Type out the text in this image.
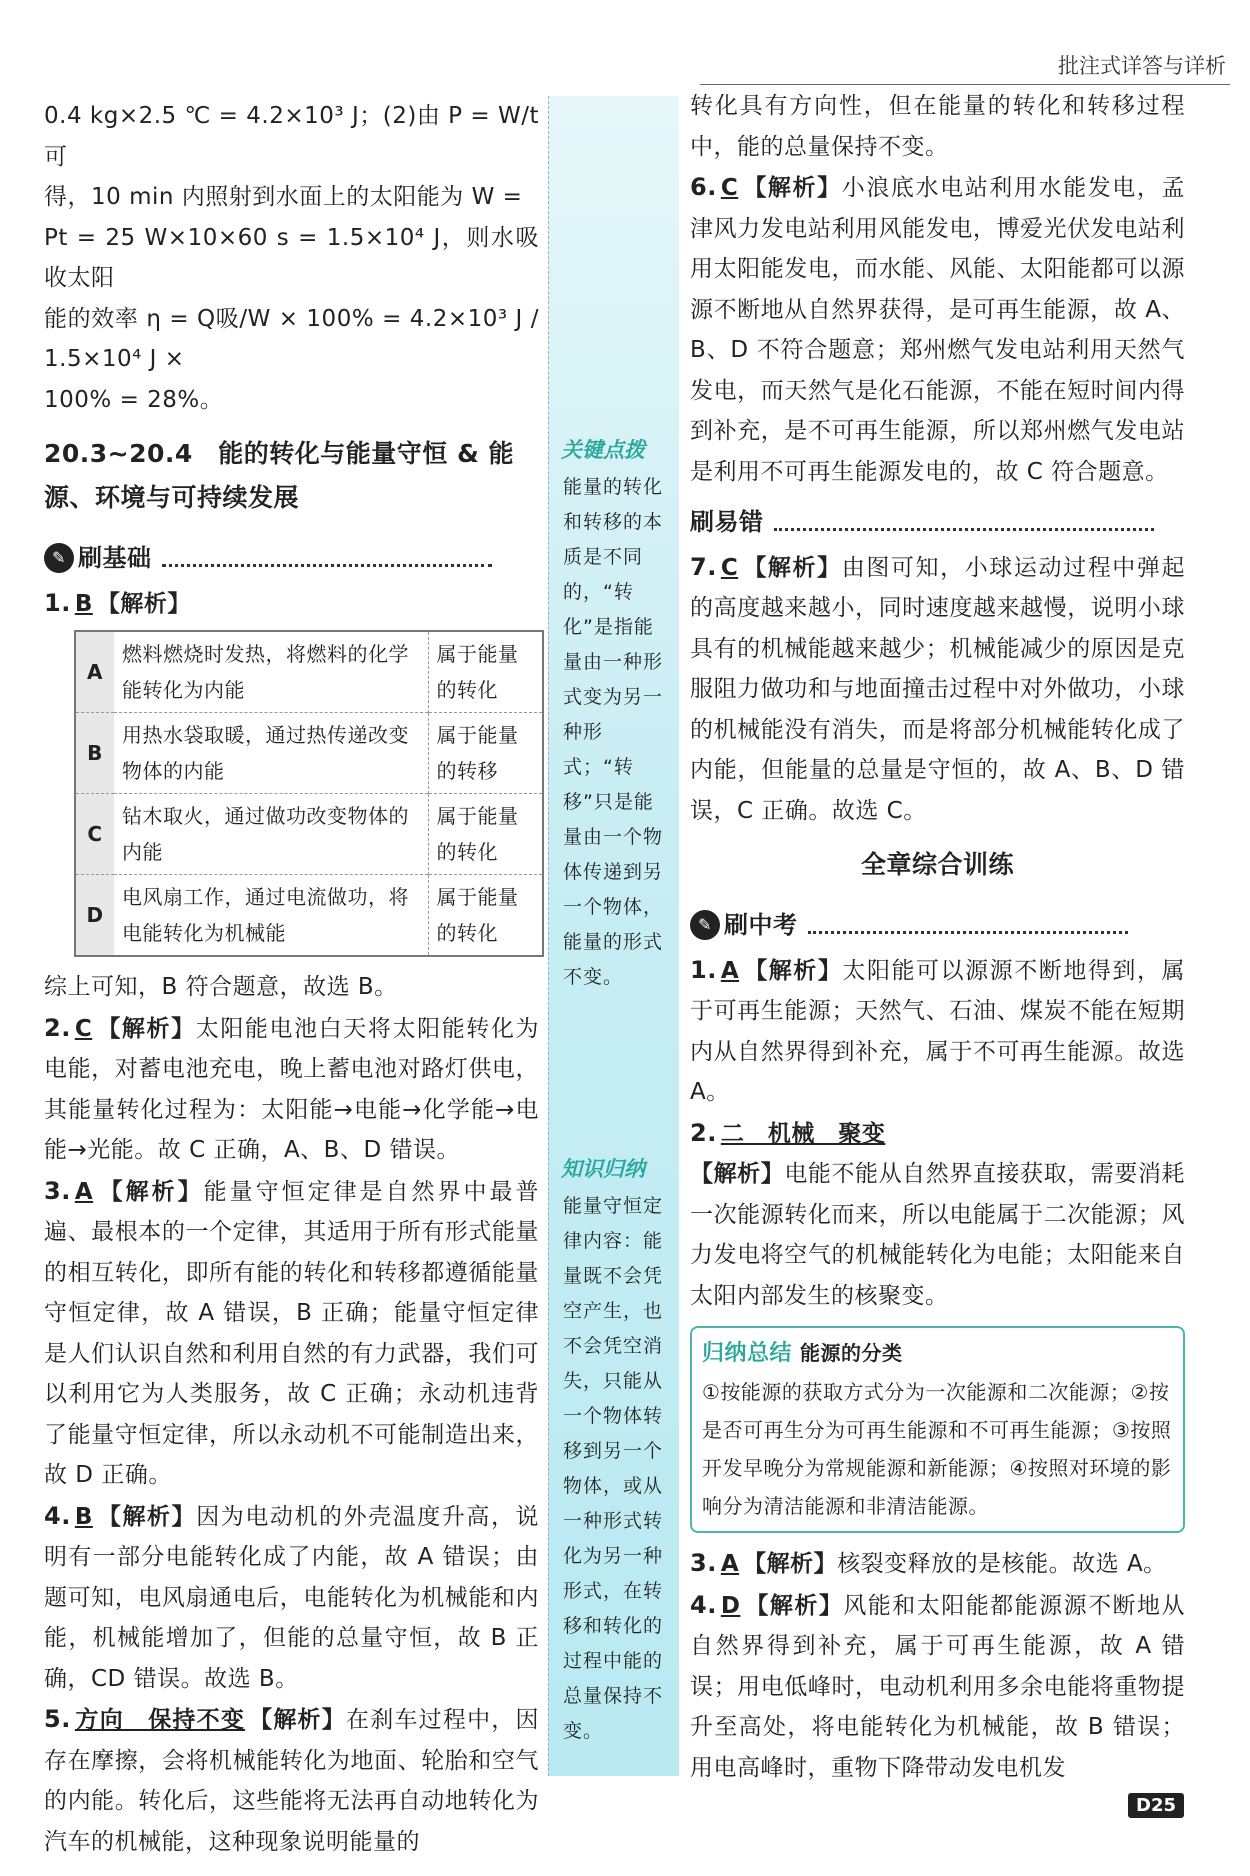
批注式详答与详析

0.4 kg×2.5 ℃ = 4.2×10³ J；(2)由 P = W/t 可

得，10 min 内照射到水面上的太阳能为 W =

Pt = 25 W×10×60 s = 1.5×10⁴ J，则水吸收太阳

能的效率 η = Q吸/W × 100% = 4.2×10³ J / 1.5×10⁴ J ×

100% = 28%。

20.3~20.4　能的转化与能量守恒 & 能源、环境与可持续发展
✎ 刷基础

1. B 【解析】

A	燃料燃烧时发热，将燃料的化学能转化为内能	属于能量的转化
B	用热水袋取暖，通过热传递改变物体的内能	属于能量的转移
C	钻木取火，通过做功改变物体的内能	属于能量的转化
D	电风扇工作，通过电流做功，将电能转化为机械能	属于能量的转化

综上可知，B 符合题意，故选 B。

2. C 【解析】太阳能电池白天将太阳能转化为电能，对蓄电池充电，晚上蓄电池对路灯供电，其能量转化过程为：太阳能→电能→化学能→电能→光能。故 C 正确，A、B、D 错误。

3. A 【解析】能量守恒定律是自然界中最普遍、最根本的一个定律，其适用于所有形式能量的相互转化，即所有能的转化和转移都遵循能量守恒定律，故 A 错误，B 正确；能量守恒定律是人们认识自然和利用自然的有力武器，我们可以利用它为人类服务，故 C 正确；永动机违背了能量守恒定律，所以永动机不可能制造出来，故 D 正确。

4. B 【解析】因为电动机的外壳温度升高，说明有一部分电能转化成了内能，故 A 错误；由题可知，电风扇通电后，电能转化为机械能和内能，机械能增加了，但能的总量守恒，故 B 正确，CD 错误。故选 B。

5. 方向　保持不变 【解析】在刹车过程中，因存在摩擦，会将机械能转化为地面、轮胎和空气的内能。转化后，这些能将无法再自动地转化为汽车的机械能，这种现象说明能量的

关键点拨
能量的转化和转移的本质是不同的，“转化”是指能量由一种形式变为另一种形式；“转移”只是能量由一个物体传递到另一个物体，能量的形式不变。
知识归纳
能量守恒定律内容：能量既不会凭空产生，也不会凭空消失，只能从一个物体转移到另一个物体，或从一种形式转化为另一种形式，在转移和转化的过程中能的总量保持不变。

转化具有方向性，但在能量的转化和转移过程中，能的总量保持不变。

6. C 【解析】小浪底水电站利用水能发电，孟津风力发电站利用风能发电，博爱光伏发电站利用太阳能发电，而水能、风能、太阳能都可以源源不断地从自然界获得，是可再生能源，故 A、B、D 不符合题意；郑州燃气发电站利用天然气发电，而天然气是化石能源，不能在短时间内得到补充，是不可再生能源，所以郑州燃气发电站是利用不可再生能源发电的，故 C 符合题意。

刷易错

7. C 【解析】由图可知，小球运动过程中弹起的高度越来越小，同时速度越来越慢，说明小球具有的机械能越来越少；机械能减少的原因是克服阻力做功和与地面撞击过程中对外做功，小球的机械能没有消失，而是将部分机械能转化成了内能，但能量的总量是守恒的，故 A、B、D 错误，C 正确。故选 C。

全章综合训练
✎ 刷中考

1. A 【解析】太阳能可以源源不断地得到，属于可再生能源；天然气、石油、煤炭不能在短期内从自然界得到补充，属于不可再生能源。故选 A。

2. 二　机械　聚变

【解析】电能不能从自然界直接获取，需要消耗一次能源转化而来，所以电能属于二次能源；风力发电将空气的机械能转化为电能；太阳能来自太阳内部发生的核聚变。

归纳总结 能源的分类
①按能源的获取方式分为一次能源和二次能源；②按是否可再生分为可再生能源和不可再生能源；③按照开发早晚分为常规能源和新能源；④按照对环境的影响分为清洁能源和非清洁能源。

3. A 【解析】核裂变释放的是核能。故选 A。

4. D 【解析】风能和太阳能都能源源不断地从自然界得到补充，属于可再生能源，故 A 错误；用电低峰时，电动机利用多余电能将重物提升至高处，将电能转化为机械能，故 B 错误；用电高峰时，重物下降带动发电机发

D25
